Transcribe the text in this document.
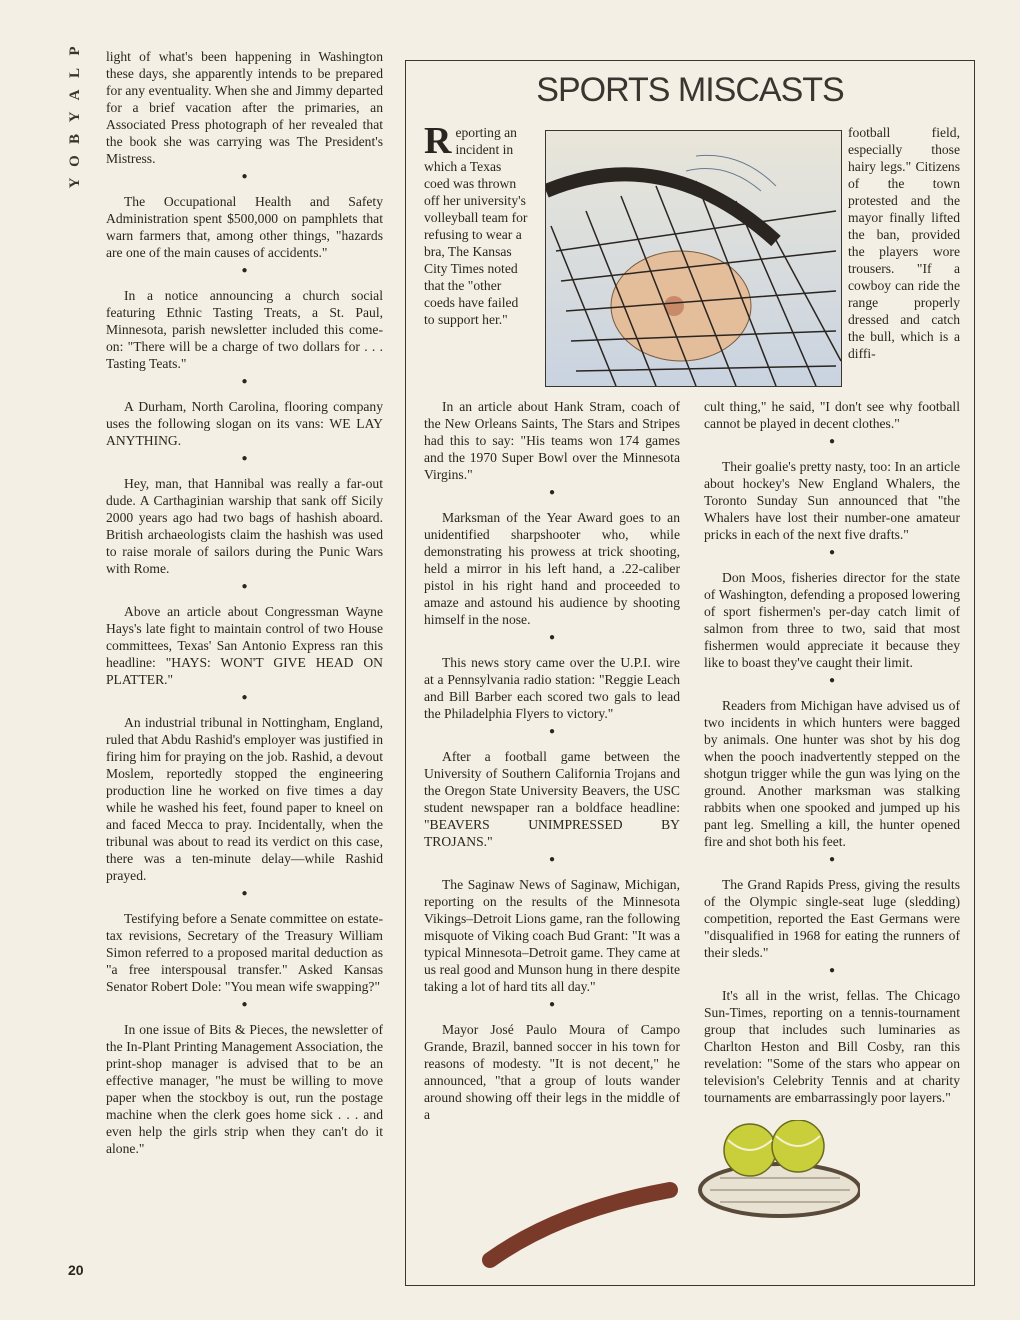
P
L
A
Y
B
O
Y
20

light of what's been happening in Washington these days, she apparently intends to be prepared for any eventuality. When she and Jimmy departed for a brief vacation after the primaries, an Associated Press photograph of her revealed that the book she was carrying was The President's Mistress.

●

The Occupational Health and Safety Administration spent $500,000 on pamphlets that warn farmers that, among other things, "hazards are one of the main causes of accidents."

●

In a notice announcing a church social featuring Ethnic Tasting Treats, a St. Paul, Minnesota, parish newsletter included this come-on: "There will be a charge of two dollars for . . . Tasting Teats."

●

A Durham, North Carolina, flooring company uses the following slogan on its vans: WE LAY ANYTHING.

●

Hey, man, that Hannibal was really a far-out dude. A Carthaginian warship that sank off Sicily 2000 years ago had two bags of hashish aboard. British archaeologists claim the hashish was used to raise morale of sailors during the Punic Wars with Rome.

●

Above an article about Congressman Wayne Hays's late fight to maintain control of two House committees, Texas' San Antonio Express ran this headline: "HAYS: WON'T GIVE HEAD ON PLATTER."

●

An industrial tribunal in Nottingham, England, ruled that Abdu Rashid's employer was justified in firing him for praying on the job. Rashid, a devout Moslem, reportedly stopped the engineering production line he worked on five times a day while he washed his feet, found paper to kneel on and faced Mecca to pray. Incidentally, when the tribunal was about to read its verdict on this case, there was a ten-minute delay—while Rashid prayed.

●

Testifying before a Senate committee on estate-tax revisions, Secretary of the Treasury William Simon referred to a proposed marital deduction as "a free interspousal transfer." Asked Kansas Senator Robert Dole: "You mean wife swapping?"

●

In one issue of Bits & Pieces, the newsletter of the In-Plant Printing Management Association, the print-shop manager is advised that to be an effective manager, "he must be willing to move paper when the stockboy is out, run the postage machine when the clerk goes home sick . . . and even help the girls strip when they can't do it alone."

SPORTS MISCASTS
Reporting an incident in which a Texas coed was thrown off her university's volleyball team for refusing to wear a bra, The Kansas City Times noted that the "other coeds have failed to support her."
football field, especially those hairy legs." Citizens of the town protested and the mayor finally lifted the ban, provided the players wore trousers. "If a cowboy can ride the range properly dressed and catch the bull, which is a diffi-

In an article about Hank Stram, coach of the New Orleans Saints, The Stars and Stripes had this to say: "His teams won 174 games and the 1970 Super Bowl over the Minnesota Virgins."

●

Marksman of the Year Award goes to an unidentified sharpshooter who, while demonstrating his prowess at trick shooting, held a mirror in his left hand, a .22-caliber pistol in his right hand and proceeded to amaze and astound his audience by shooting himself in the nose.

●

This news story came over the U.P.I. wire at a Pennsylvania radio station: "Reggie Leach and Bill Barber each scored two gals to lead the Philadelphia Flyers to victory."

●

After a football game between the University of Southern California Trojans and the Oregon State University Beavers, the USC student newspaper ran a boldface headline: "BEAVERS UNIMPRESSED BY TROJANS."

●

The Saginaw News of Saginaw, Michigan, reporting on the results of the Minnesota Vikings–Detroit Lions game, ran the following misquote of Viking coach Bud Grant: "It was a typical Minnesota–Detroit game. They came at us real good and Munson hung in there despite taking a lot of hard tits all day."

●

Mayor José Paulo Moura of Campo Grande, Brazil, banned soccer in his town for reasons of modesty. "It is not decent," he announced, "that a group of louts wander around showing off their legs in the middle of a

cult thing," he said, "I don't see why football cannot be played in decent clothes."

●

Their goalie's pretty nasty, too: In an article about hockey's New England Whalers, the Toronto Sunday Sun announced that "the Whalers have lost their number-one amateur pricks in each of the next five drafts."

●

Don Moos, fisheries director for the state of Washington, defending a proposed lowering of sport fishermen's per-day catch limit of salmon from three to two, said that most fishermen would appreciate it because they like to boast they've caught their limit.

●

Readers from Michigan have advised us of two incidents in which hunters were bagged by animals. One hunter was shot by his dog when the pooch inadvertently stepped on the shotgun trigger while the gun was lying on the ground. Another marksman was stalking rabbits when one spooked and jumped up his pant leg. Smelling a kill, the hunter opened fire and shot both his feet.

●

The Grand Rapids Press, giving the results of the Olympic single-seat luge (sledding) competition, reported the East Germans were "disqualified in 1968 for eating the runners of their sleds."

●

It's all in the wrist, fellas. The Chicago Sun-Times, reporting on a tennis-tournament group that includes such luminaries as Charlton Heston and Bill Cosby, ran this revelation: "Some of the stars who appear on television's Celebrity Tennis and at charity tournaments are embarrassingly poor layers."
